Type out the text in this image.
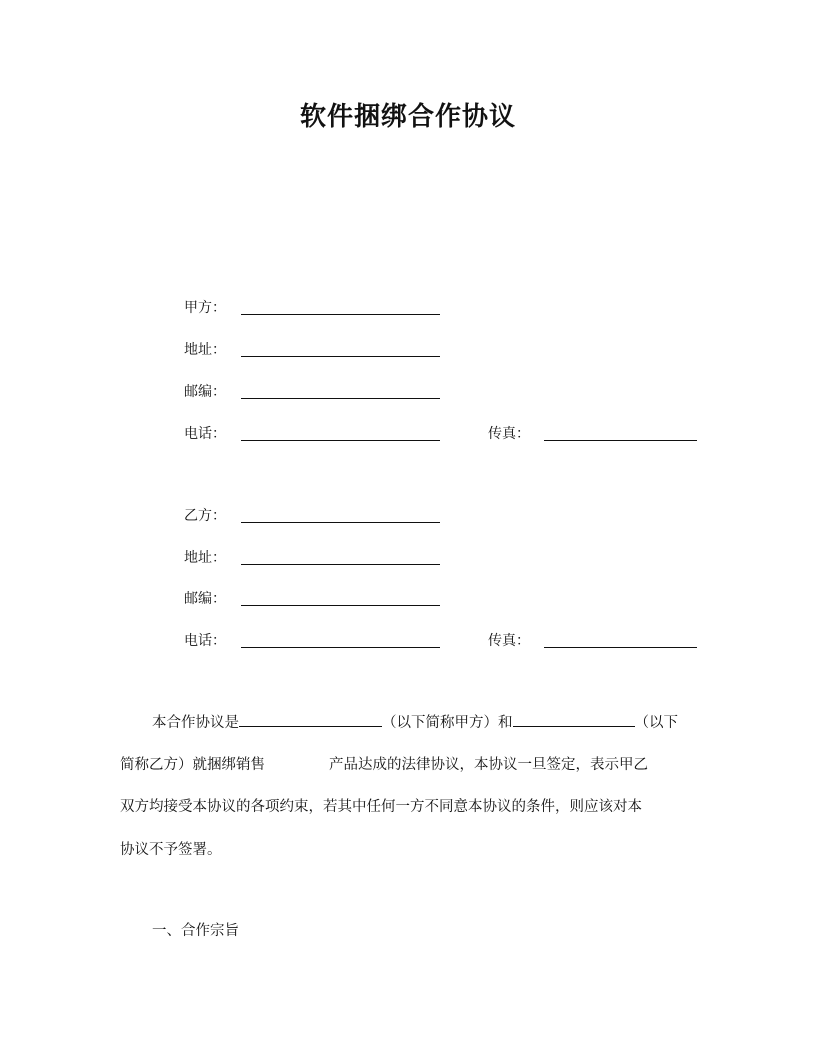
软件捆绑合作协议
甲方：
地址：
邮编：
电话：	传真：
乙方：
地址：
邮编：
电话：	传真：
本合作协议是	（以下简称甲方）和	（以下
简称乙方）就捆绑销售	产品达成的法律协议，本协议一旦签定，表示甲乙
双方均接受本协议的各项约束，若其中任何一方不同意本协议的条件，则应该对本
协议不予签署。
一、合作宗旨
